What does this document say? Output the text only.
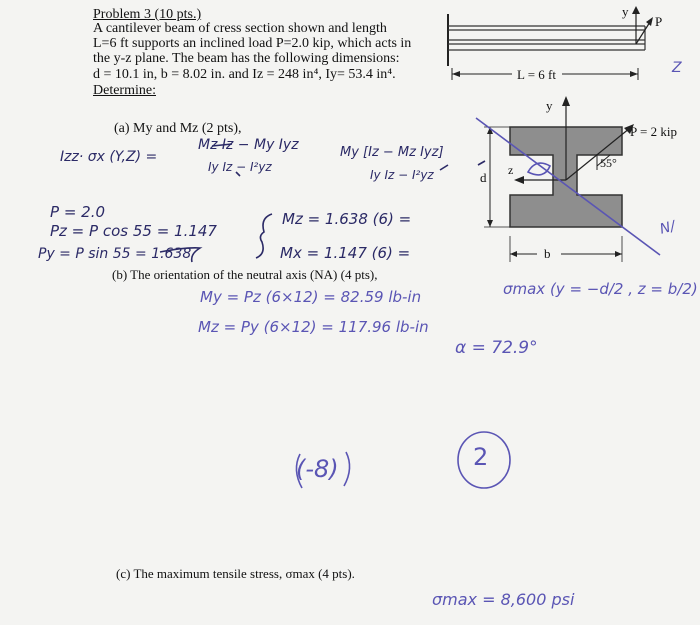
Problem 3 (10 pts.)
A cantilever beam of cress section shown and length
L=6 ft supports an inclined load P=2.0 kip, which acts in
the y-z plane. The beam has the following dimensions:
d = 10.1 in, b = 8.02 in. and Iz = 248 in⁴, Iy= 53.4 in⁴.
Determine:
(a) My and Mz (2 pts),
(b) The orientation of the neutral axis (NA) (4 pts),
(c) The maximum tensile stress, σmax (4 pts).
L = 6 ft
y
P
y
P = 2 kip
55°
z
d
b
N/
Z
Izz· σx (Y,Z) =
Mz Iz − My Iyz
Iy Iz − I²yz
My [Iz − Mz Iyz]
Iy Iz − I²yz
P = 2.0
Pz = P cos 55 = 1.147
Py = P sin 55 = 1.638
Mz = 1.638 (6) =
Mx = 1.147 (6) =
My = Pz (6×12) = 82.59 lb-in
Mz = Py (6×12) = 117.96 lb-in
σmax (y = −d/2 , z = b/2)
α = 72.9°
(-8)	2
σmax = 8,600 psi
